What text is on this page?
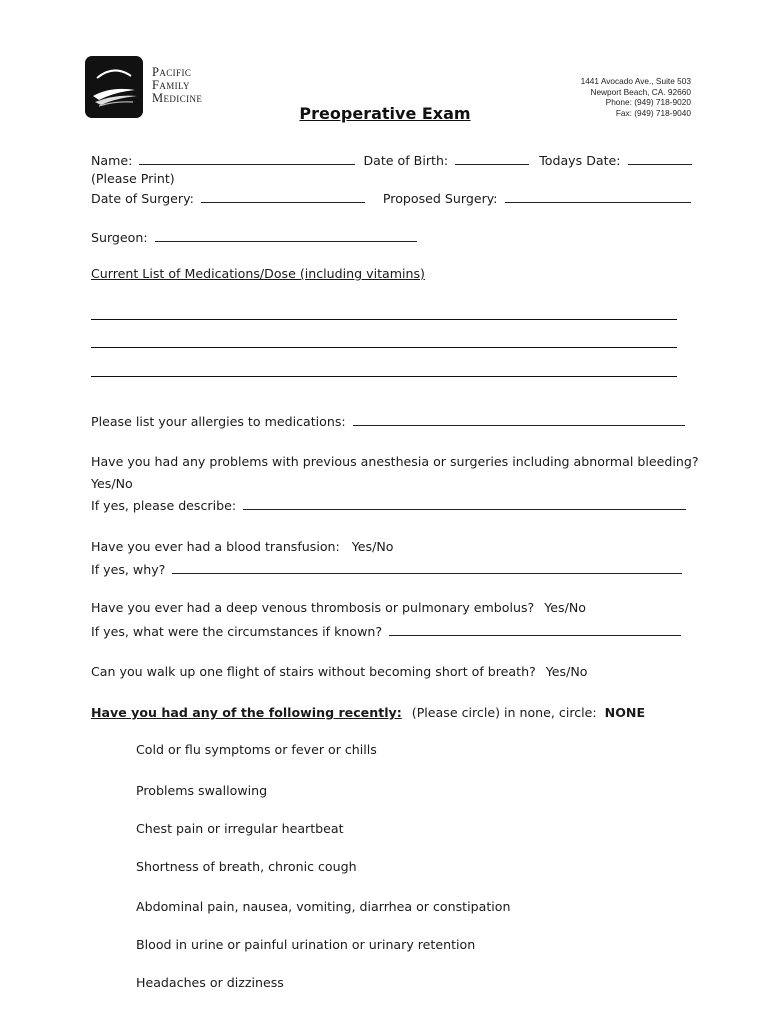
Pacific
Family
Medicine
1441 Avocado Ave., Suite 503
Newport Beach, CA. 92660
Phone: (949) 718-9020
Fax: (949) 718-9040
Preoperative Exam
Name:	Date of Birth:	Todays Date:
(Please Print)
Date of Surgery:	Proposed Surgery:
Surgeon:
Current List of Medications/Dose (including vitamins)
Please list your allergies to medications:
Have you had any problems with previous anesthesia or surgeries including abnormal bleeding?
Yes/No
If yes, please describe:
Have you ever had a blood transfusion: Yes/No
If yes, why?
Have you ever had a deep venous thrombosis or pulmonary embolus? Yes/No
If yes, what were the circumstances if known?
Can you walk up one flight of stairs without becoming short of breath? Yes/No
Have you had any of the following recently: (Please circle) in none, circle: NONE
Cold or flu symptoms or fever or chills
Problems swallowing
Chest pain or irregular heartbeat
Shortness of breath, chronic cough
Abdominal pain, nausea, vomiting, diarrhea or constipation
Blood in urine or painful urination or urinary retention
Headaches or dizziness
